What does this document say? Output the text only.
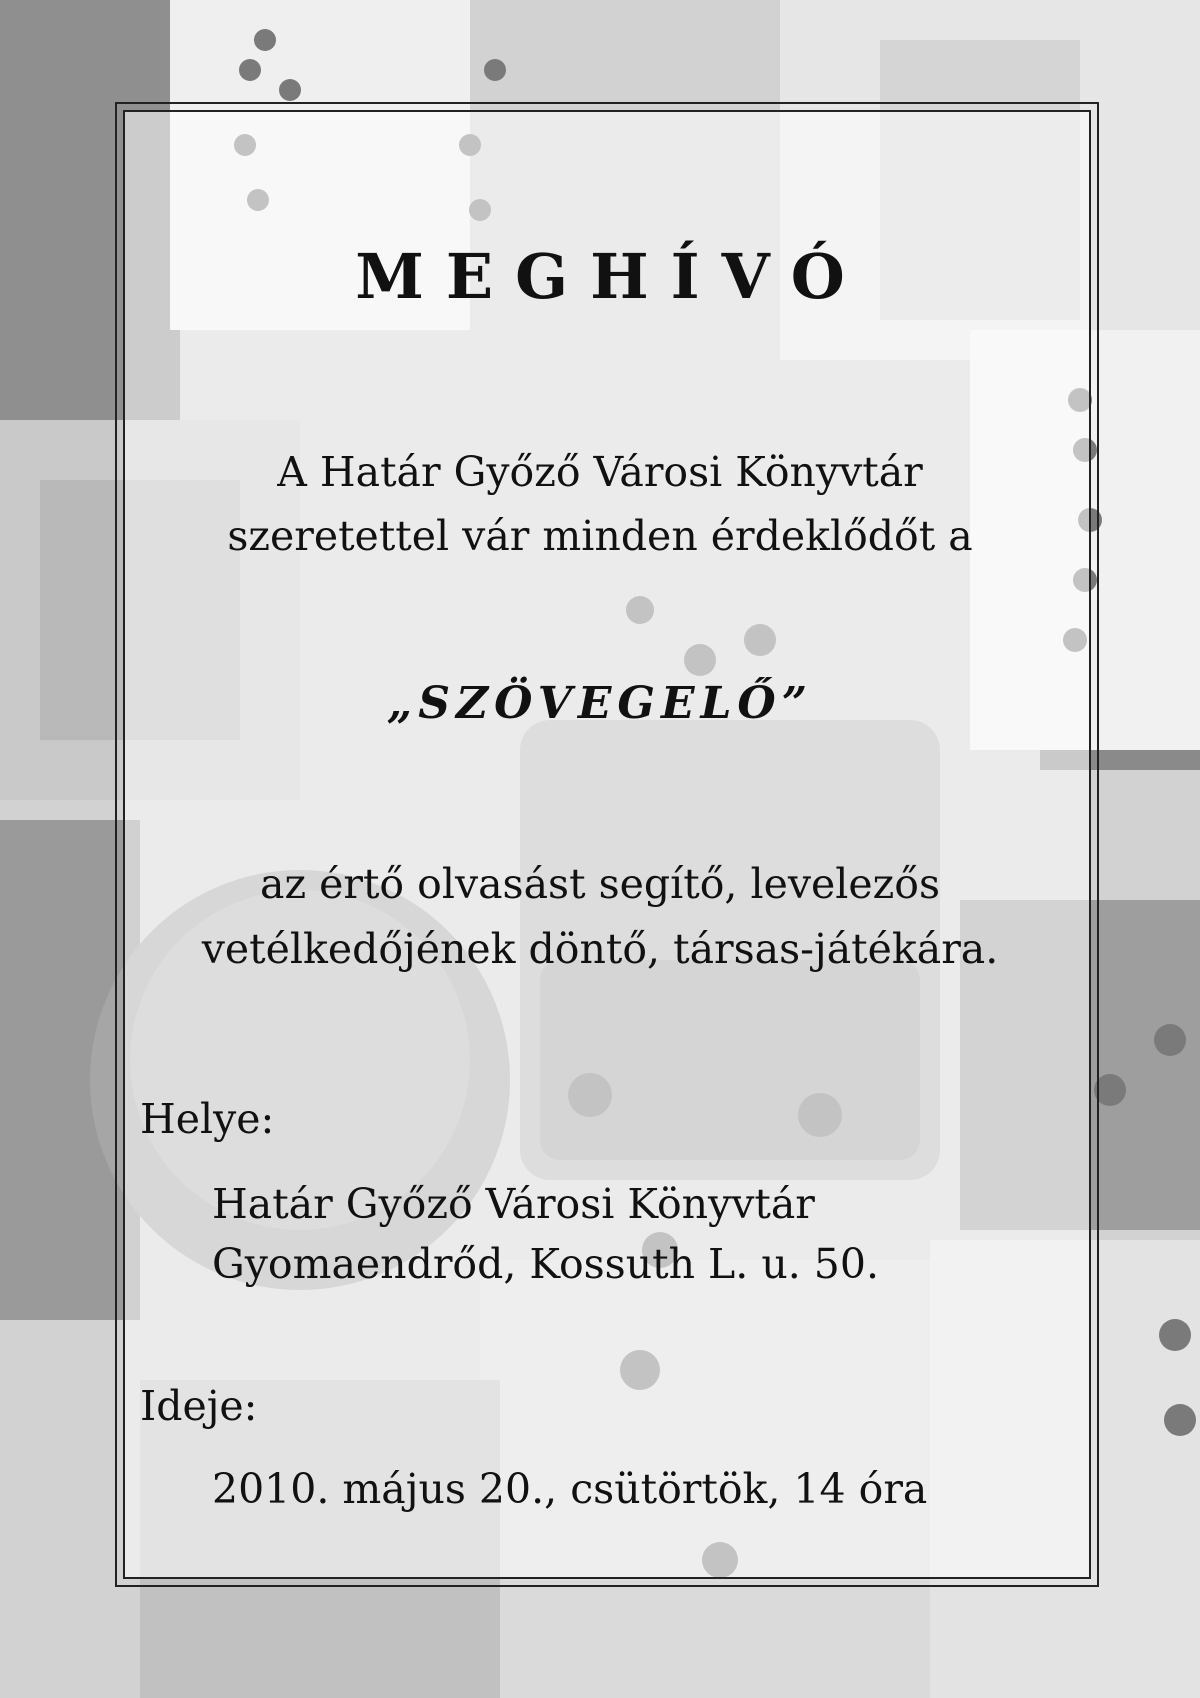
MEGHÍVÓ
A Határ Győző Városi Könyvtár
szeretettel vár minden érdeklődőt a
„SZÖVEGELŐ”
az értő olvasást segítő, levelezős
vetélkedőjének döntő, társas-játékára.
Helye:
Határ Győző Városi Könyvtár
Gyomaendrőd, Kossuth L. u. 50.
Ideje:
2010. május 20., csütörtök, 14 óra
